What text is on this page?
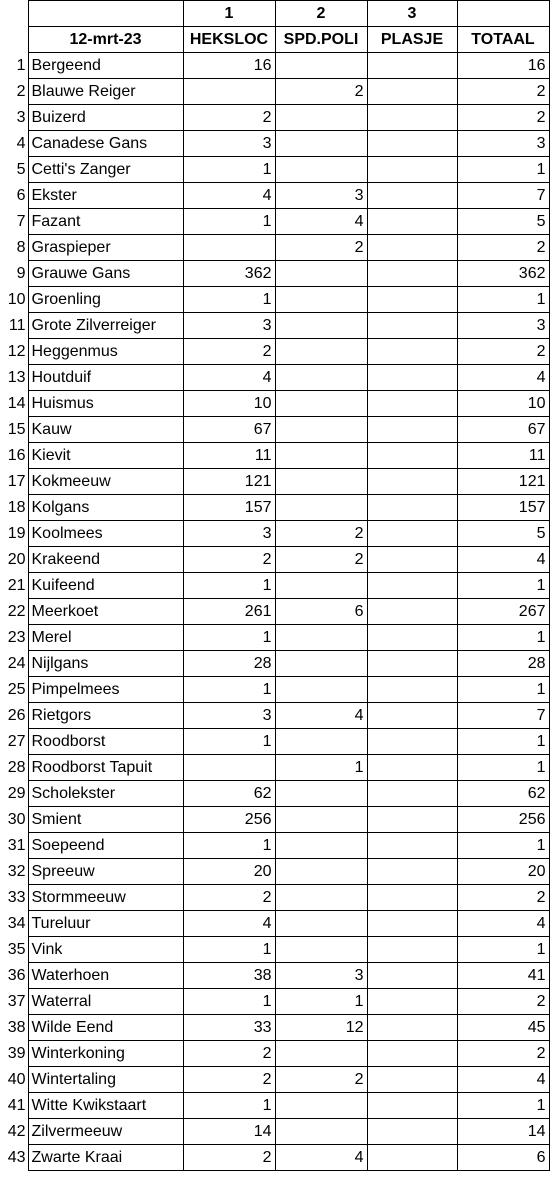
		1	2	3	
	12-mrt-23	HEKSLOC	SPD.POLI	PLASJE	TOTAAL
1	Bergeend	16			16
2	Blauwe Reiger		2		2
3	Buizerd	2			2
4	Canadese Gans	3			3
5	Cetti's Zanger	1			1
6	Ekster	4	3		7
7	Fazant	1	4		5
8	Graspieper		2		2
9	Grauwe Gans	362			362
10	Groenling	1			1
11	Grote Zilverreiger	3			3
12	Heggenmus	2			2
13	Houtduif	4			4
14	Huismus	10			10
15	Kauw	67			67
16	Kievit	11			11
17	Kokmeeuw	121			121
18	Kolgans	157			157
19	Koolmees	3	2		5
20	Krakeend	2	2		4
21	Kuifeend	1			1
22	Meerkoet	261	6		267
23	Merel	1			1
24	Nijlgans	28			28
25	Pimpelmees	1			1
26	Rietgors	3	4		7
27	Roodborst	1			1
28	Roodborst Tapuit		1		1
29	Scholekster	62			62
30	Smient	256			256
31	Soepeend	1			1
32	Spreeuw	20			20
33	Stormmeeuw	2			2
34	Tureluur	4			4
35	Vink	1			1
36	Waterhoen	38	3		41
37	Waterral	1	1		2
38	Wilde Eend	33	12		45
39	Winterkoning	2			2
40	Wintertaling	2	2		4
41	Witte Kwikstaart	1			1
42	Zilvermeeuw	14			14
43	Zwarte Kraai	2	4		6
